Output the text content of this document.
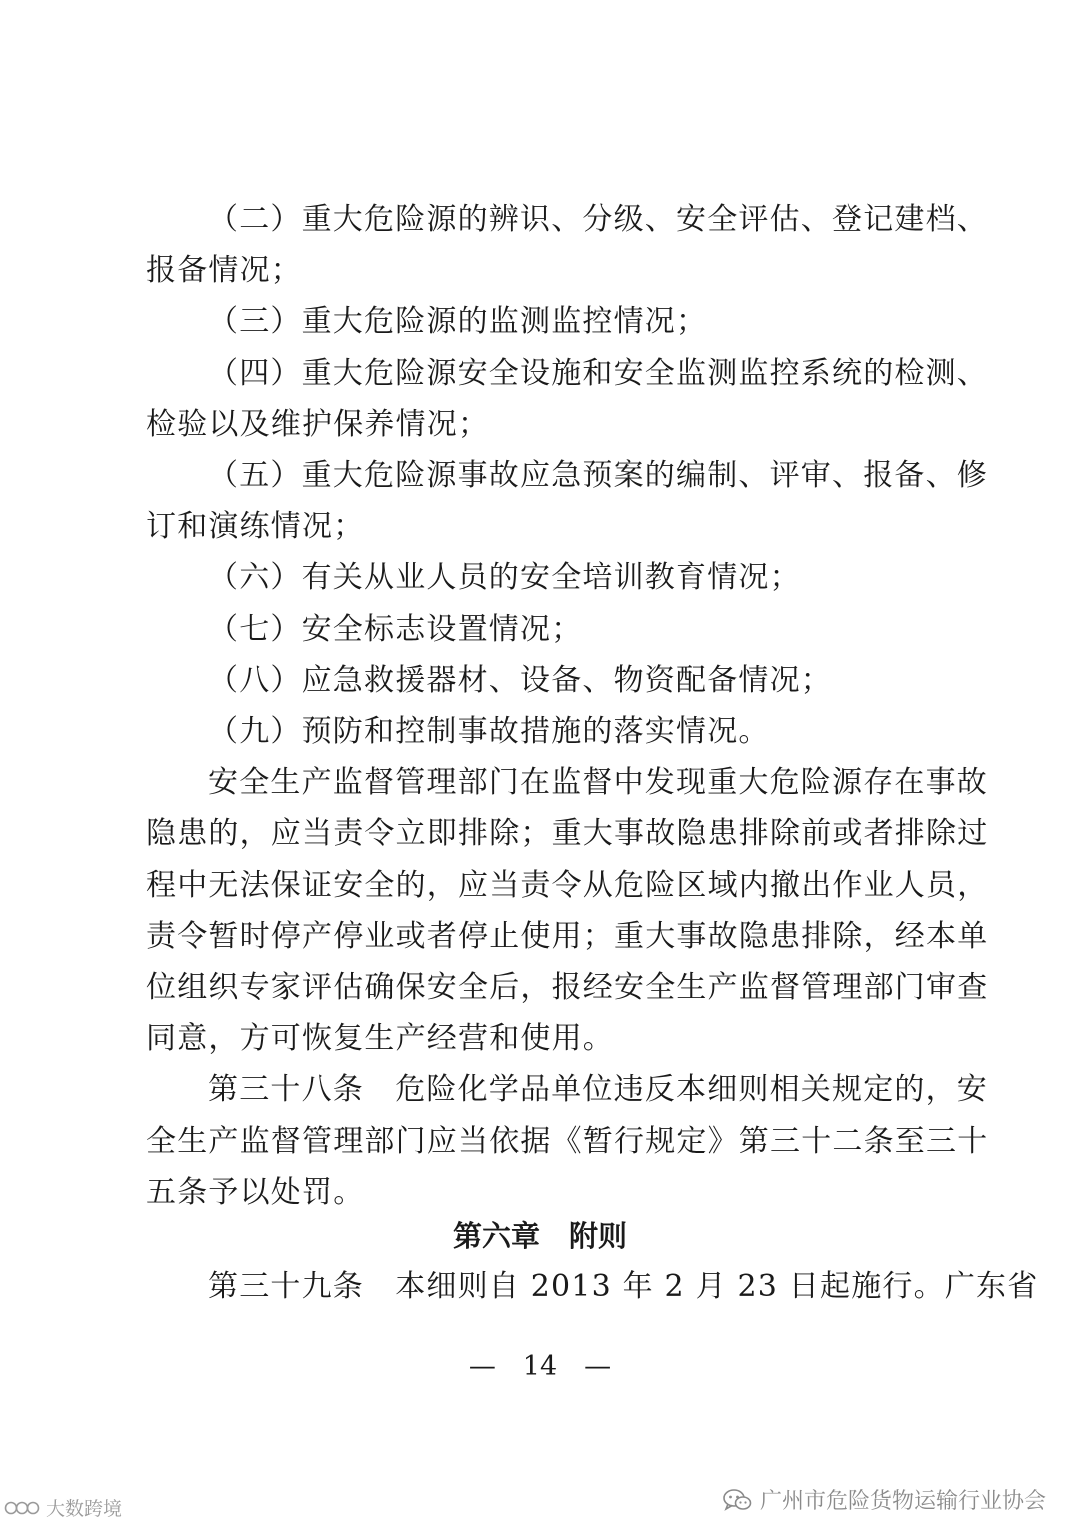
（二）重大危险源的辨识、分级、安全评估、登记建档、
报备情况；
（三）重大危险源的监测监控情况；
（四）重大危险源安全设施和安全监测监控系统的检测、
检验以及维护保养情况；
（五）重大危险源事故应急预案的编制、评审、报备、修
订和演练情况；
（六）有关从业人员的安全培训教育情况；
（七）安全标志设置情况；
（八）应急救援器材、设备、物资配备情况；
（九）预防和控制事故措施的落实情况。
安全生产监督管理部门在监督中发现重大危险源存在事故
隐患的，应当责令立即排除；重大事故隐患排除前或者排除过
程中无法保证安全的，应当责令从危险区域内撤出作业人员，
责令暂时停产停业或者停止使用；重大事故隐患排除，经本单
位组织专家评估确保安全后，报经安全生产监督管理部门审查
同意，方可恢复生产经营和使用。
第三十八条　危险化学品单位违反本细则相关规定的，安
全生产监督管理部门应当依据《暂行规定》第三十二条至三十
五条予以处罚。
第六章　附则
第三十九条　本细则自 2013 年 2 月 23 日起施行。广东省
—　14　—
广州市危险货物运输行业协会
大数跨境
